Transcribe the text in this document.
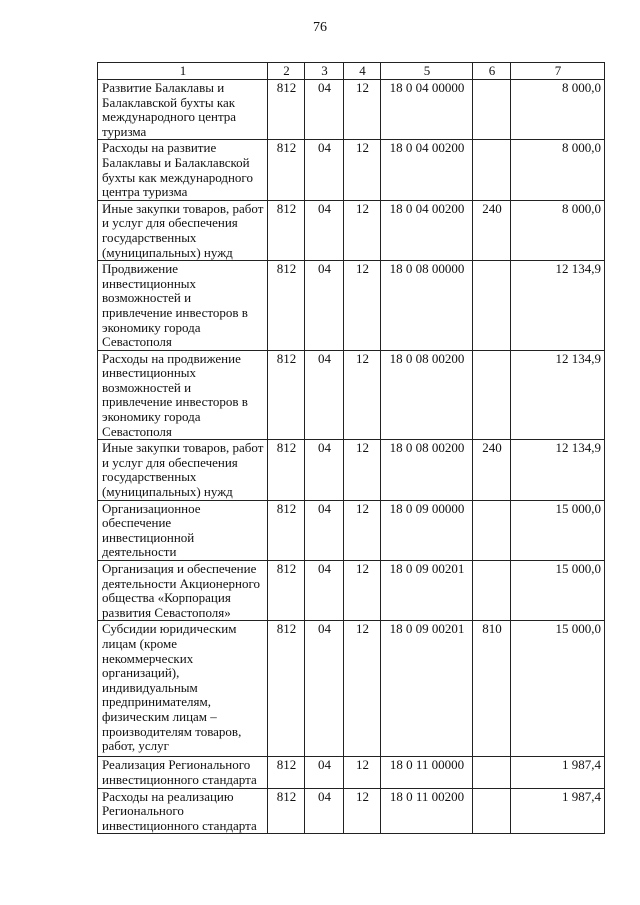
76
1	2	3	4	5	6	7
Развитие Балаклавы и Балаклавской бухты как международного центра туризма	812	04	12	18 0 04 00000		8 000,0
Расходы на развитие Балаклавы и Балаклавской бухты как международного центра туризма	812	04	12	18 0 04 00200		8 000,0
Иные закупки товаров, работ и услуг для обеспечения государственных (муниципальных) нужд	812	04	12	18 0 04 00200	240	8 000,0
Продвижение инвестиционных возможностей и привлечение инвесторов в экономику города Севастополя	812	04	12	18 0 08 00000		12 134,9
Расходы на продвижение инвестиционных возможностей и привлечение инвесторов в экономику города Севастополя	812	04	12	18 0 08 00200		12 134,9
Иные закупки товаров, работ и услуг для обеспечения государственных (муниципальных) нужд	812	04	12	18 0 08 00200	240	12 134,9
Организационное обеспечение инвестиционной деятельности	812	04	12	18 0 09 00000		15 000,0
Организация и обеспечение деятельности Акционерного общества «Корпорация развития Севастополя»	812	04	12	18 0 09 00201		15 000,0
Субсидии юридическим лицам (кроме некоммерческих организаций), индивидуальным предпринимателям, физическим лицам – производителям товаров, работ, услуг	812	04	12	18 0 09 00201	810	15 000,0
Реализация Регионального инвестиционного стандарта	812	04	12	18 0 11 00000		1 987,4
Расходы на реализацию Регионального инвестиционного стандарта	812	04	12	18 0 11 00200		1 987,4
